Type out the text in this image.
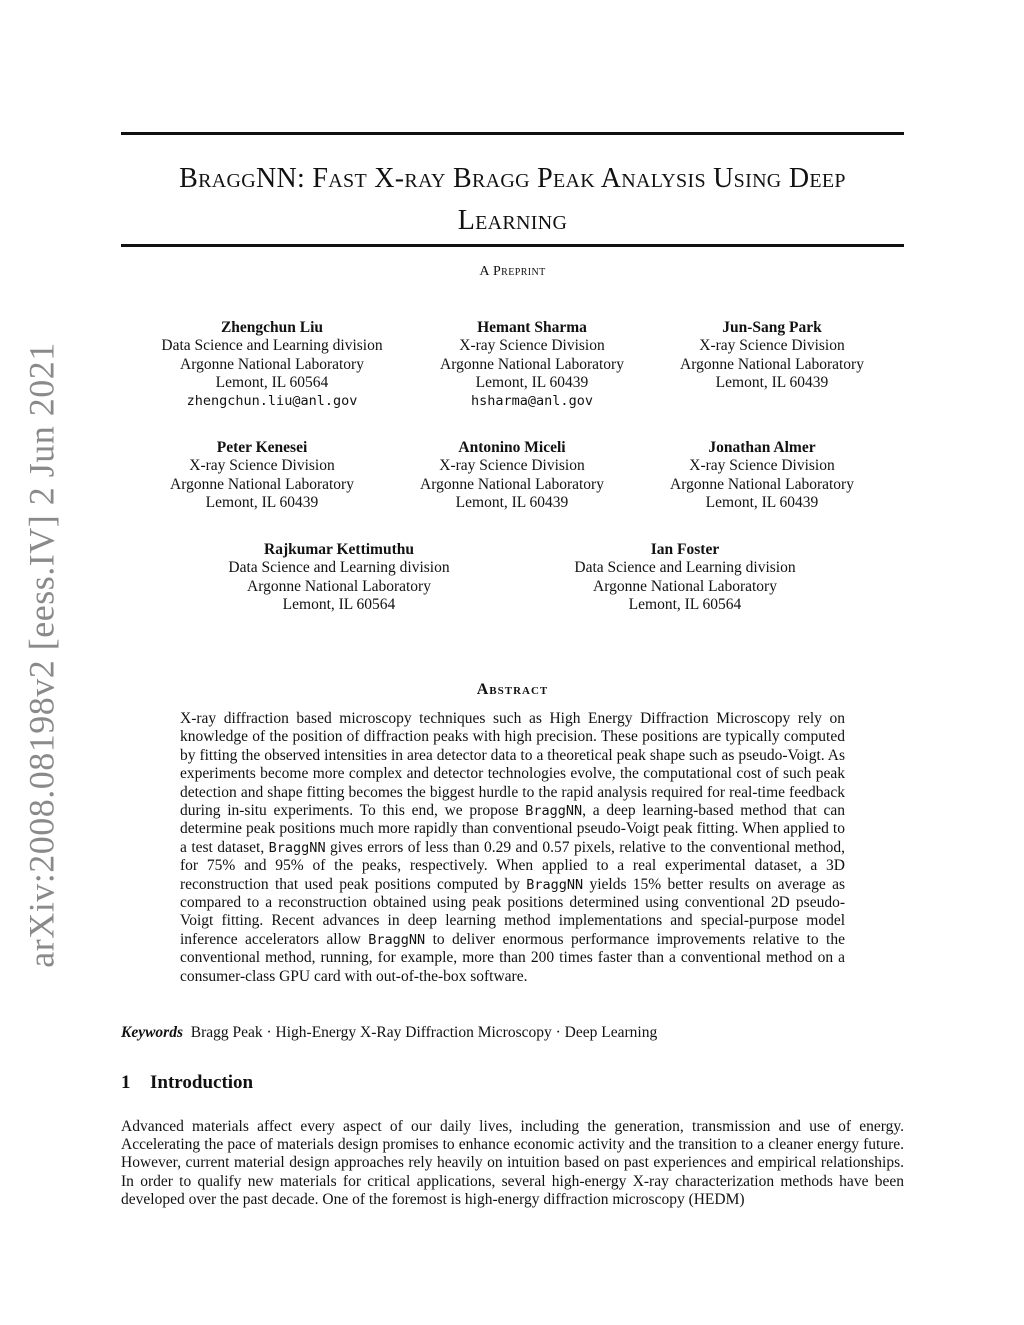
arXiv:2008.08198v2 [eess.IV] 2 Jun 2021
BraggNN: Fast X-ray Bragg Peak Analysis Using Deep
Learning
A Preprint
Zhengchun Liu
Data Science and Learning division
Argonne National Laboratory
Lemont, IL 60564
zhengchun.liu@anl.gov
Hemant Sharma
X-ray Science Division
Argonne National Laboratory
Lemont, IL 60439
hsharma@anl.gov
Jun-Sang Park
X-ray Science Division
Argonne National Laboratory
Lemont, IL 60439
Peter Kenesei
X-ray Science Division
Argonne National Laboratory
Lemont, IL 60439
Antonino Miceli
X-ray Science Division
Argonne National Laboratory
Lemont, IL 60439
Jonathan Almer
X-ray Science Division
Argonne National Laboratory
Lemont, IL 60439
Rajkumar Kettimuthu
Data Science and Learning division
Argonne National Laboratory
Lemont, IL 60564
Ian Foster
Data Science and Learning division
Argonne National Laboratory
Lemont, IL 60564
Abstract

X-ray diffraction based microscopy techniques such as High Energy Diffraction Microscopy rely on knowledge of the position of diffraction peaks with high precision. These positions are typically computed by fitting the observed intensities in area detector data to a theoretical peak shape such as pseudo-Voigt. As experiments become more complex and detector technologies evolve, the computational cost of such peak detection and shape fitting becomes the biggest hurdle to the rapid analysis required for real-time feedback during in-situ experiments. To this end, we propose BraggNN, a deep learning-based method that can determine peak positions much more rapidly than conventional pseudo-Voigt peak fitting. When applied to a test dataset, BraggNN gives errors of less than 0.29 and 0.57 pixels, relative to the conventional method, for 75% and 95% of the peaks, respectively. When applied to a real experimental dataset, a 3D reconstruction that used peak positions computed by BraggNN yields 15% better results on average as compared to a reconstruction obtained using peak positions determined using conventional 2D pseudo-Voigt fitting. Recent advances in deep learning method implementations and special-purpose model inference accelerators allow BraggNN to deliver enormous performance improvements relative to the conventional method, running, for example, more than 200 times faster than a conventional method on a consumer-class GPU card with out-of-the-box software.

Keywords Bragg Peak · High-Energy X-Ray Diffraction Microscopy · Deep Learning
1 Introduction

Advanced materials affect every aspect of our daily lives, including the generation, transmission and use of energy. Accelerating the pace of materials design promises to enhance economic activity and the transition to a cleaner energy future. However, current material design approaches rely heavily on intuition based on past experiences and empirical relationships. In order to qualify new materials for critical applications, several high-energy X-ray characterization methods have been developed over the past decade. One of the foremost is high-energy diffraction microscopy (HEDM)
